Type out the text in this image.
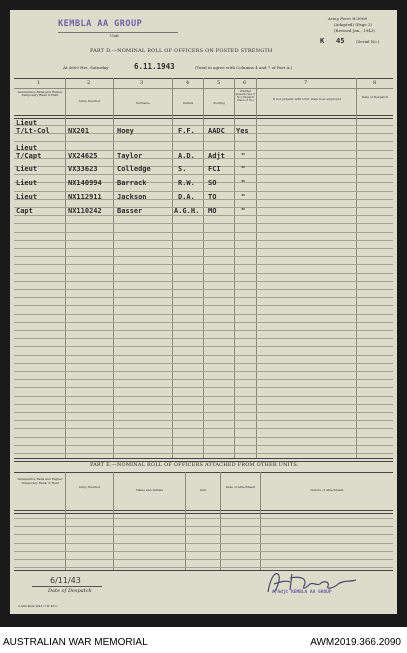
KEMBLA AA GROUP
Unit
Army Form W.3008
(Adapted) (Page 2)
(Revised Jan., 1943)
K 45	(Serial No.)
PART D.—NOMINAL ROLL OF OFFICERS ON POSTED STRENGTH
At 0600 Hrs, Saturday	6.11.1943	(Total to agree with Columns 4 and 7 of Part A.)
1	2	3	4	5	6	7	8
Substantive Rank and Higher Temporary Rank if Held
Army Number	Surname	Initials	Posting
Whether present (Yes or No) Dispatch Place or No)	If not present with Unit, state how employed	Date of Despatch
Lieut
T/Lt-Col	NX201	Hoey	F.F. AADC Yes
Lieut
T/Capt	VX24625	Taylor	A.D. Adjt "
Lieut	VX33623	Colledge	S.	FCI	"
Lieut	NX140994 Barrack	R.W. SO	"
Lieut	NX112911 Jackson	D.A. TO	"
Capt	NX110242 Basser	A.G.H. MO	"
PART E.—NOMINAL ROLL OF OFFICERS ATTACHED FROM OTHER UNITS.
Substantive Rank and Higher Temporary Rank, if Held
Army Number
Name and Initials	Unit
Date of Attachment
Nature of Attachment
6/11/43
Date of Despatch	A/Adjt KEMBLA AA GROUP
2,000 Pads 9/43 C.W. P.Co
AUSTRALIAN WAR MEMORIAL	AWM2019.366.2090
